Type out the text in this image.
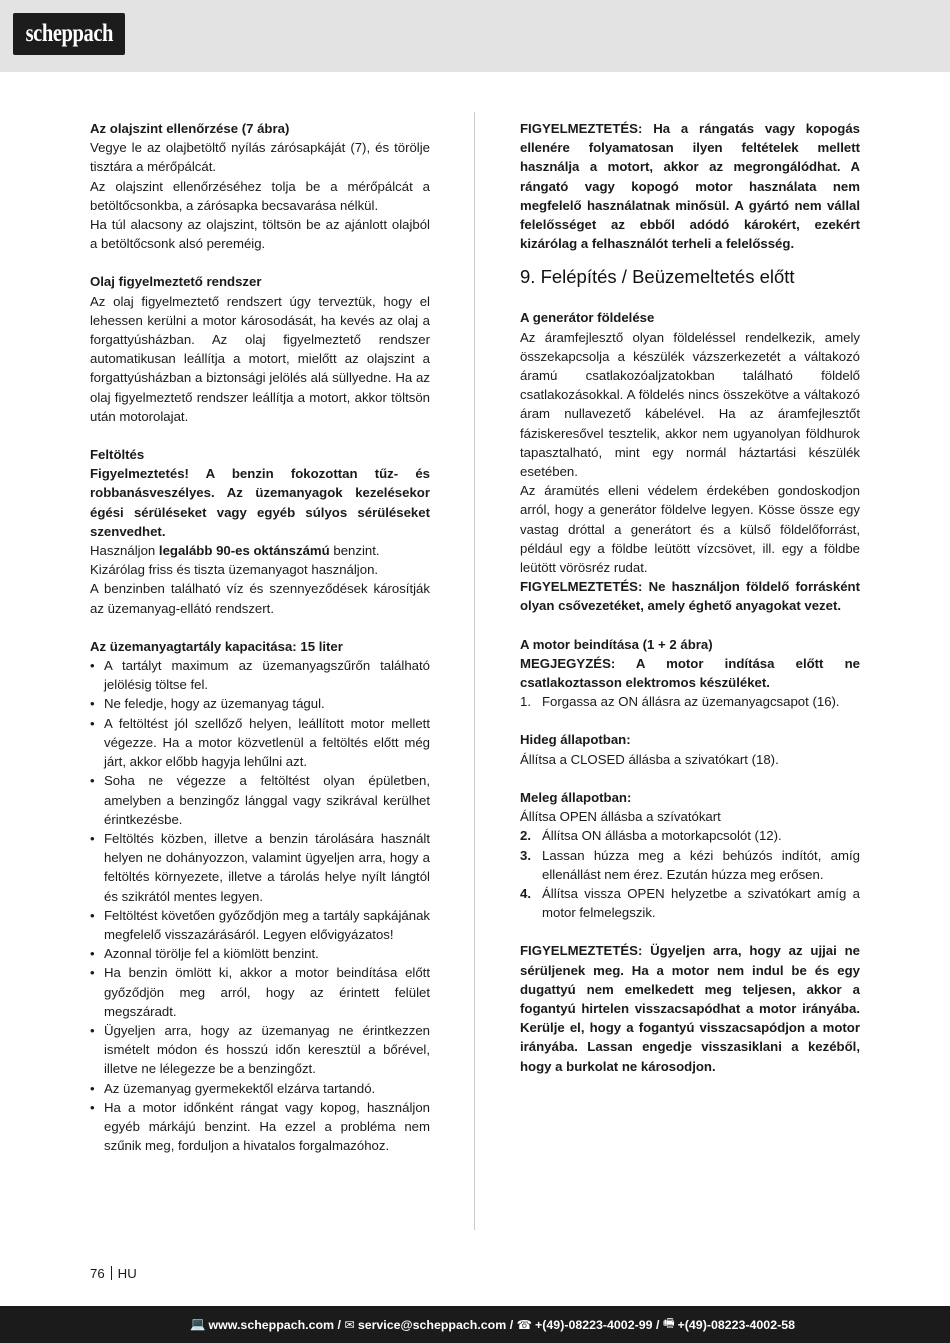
scheppach

Az olajszint ellenőrzése (7 ábra)

Vegye le az olajbetöltő nyílás zárósapkáját (7), és törölje tisztára a mérőpálcát.

Az olajszint ellenőrzéséhez tolja be a mérőpálcát a betöltőcsonkba, a zárósapka becsavarása nélkül.

Ha túl alacsony az olajszint, töltsön be az ajánlott olajból a betöltőcsonk alsó pereméig.

Olaj figyelmeztető rendszer

Az olaj figyelmeztető rendszert úgy terveztük, hogy el lehessen kerülni a motor károsodását, ha kevés az olaj a forgattyúsházban. Az olaj figyelmeztető rendszer automatikusan leállítja a motort, mielőtt az olajszint a forgattyúsházban a biztonsági jelölés alá süllyedne. Ha az olaj figyelmeztető rendszer leállítja a motort, akkor töltsön után motorolajat.

Feltöltés

Figyelmeztetés! A benzin fokozottan tűz- és robbanásveszélyes. Az üzemanyagok kezelésekor égési sérüléseket vagy egyéb súlyos sérüléseket szenvedhet.

Használjon legalább 90-es oktánszámú benzint.

Kizárólag friss és tiszta üzemanyagot használjon.

A benzinben található víz és szennyeződések károsítják az üzemanyag-ellátó rendszert.

Az üzemanyagtartály kapacitása: 15 liter

• A tartályt maximum az üzemanyagszűrőn található jelölésig töltse fel.
• Ne feledje, hogy az üzemanyag tágul.
• A feltöltést jól szellőző helyen, leállított motor mellett végezze. Ha a motor közvetlenül a feltöltés előtt még járt, akkor előbb hagyja lehűlni azt.
• Soha ne végezze a feltöltést olyan épületben, amelyben a benzingőz lánggal vagy szikrával kerülhet érintkezésbe.
• Feltöltés közben, illetve a benzin tárolására használt helyen ne dohányozzon, valamint ügyeljen arra, hogy a feltöltés környezete, illetve a tárolás helye nyílt lángtól és szikrától mentes legyen.
• Feltöltést követően győződjön meg a tartály sapkájának megfelelő visszazárásáról. Legyen elővigyázatos!
• Azonnal törölje fel a kiömlött benzint.
• Ha benzin ömlött ki, akkor a motor beindítása előtt győződjön meg arról, hogy az érintett felület megszáradt.
• Ügyeljen arra, hogy az üzemanyag ne érintkezzen ismételt módon és hosszú időn keresztül a bőrével, illetve ne lélegezze be a benzingőzt.
• Az üzemanyag gyermekektől elzárva tartandó.
• Ha a motor időnként rángat vagy kopog, használjon egyéb márkájú benzint. Ha ezzel a probléma nem szűnik meg, forduljon a hivatalos forgalmazóhoz.

FIGYELMEZTETÉS: Ha a rángatás vagy kopogás ellenére folyamatosan ilyen feltételek mellett használja a motort, akkor az megrongálódhat. A rángató vagy kopogó motor használata nem megfelelő használatnak minősül. A gyártó nem vállal felelősséget az ebből adódó károkért, ezekért kizárólag a felhasználót terheli a felelősség.

9. Felépítés / Beüzemeltetés előtt

A generátor földelése

Az áramfejlesztő olyan földeléssel rendelkezik, amely összekapcsolja a készülék vázszerkezetét a váltakozó áramú csatlakozóaljzatokban található földelő csatlakozásokkal. A földelés nincs összekötve a váltakozó áram nullavezető kábelével. Ha az áramfejlesztőt fáziskeresővel tesztelik, akkor nem ugyanolyan földhurok tapasztalható, mint egy normál háztartási készülék esetében.

Az áramütés elleni védelem érdekében gondoskodjon arról, hogy a generátor földelve legyen. Kösse össze egy vastag dróttal a generátort és a külső földelőforrást, például egy a földbe leütött vízcsövet, ill. egy a földbe leütött vörösréz rudat.

FIGYELMEZTETÉS: Ne használjon földelő forrásként olyan csővezetéket, amely éghető anyagokat vezet.

A motor beindítása (1 + 2 ábra)

MEGJEGYZÉS: A motor indítása előtt ne csatlakoztasson elektromos készüléket.

1. Forgassa az ON állásra az üzemanyagcsapot (16).

Hideg állapotban:

Állítsa a CLOSED állásba a szivatókart (18).

Meleg állapotban:

Állítsa OPEN állásba a szívatókart

2. Állítsa ON állásba a motorkapcsolót (12).
3. Lassan húzza meg a kézi behúzós indítót, amíg ellenállást nem érez. Ezután húzza meg erősen.
4. Állítsa vissza OPEN helyzetbe a szivatókart amíg a motor felmelegszik.

FIGYELMEZTETÉS: Ügyeljen arra, hogy az ujjai ne sérüljenek meg. Ha a motor nem indul be és egy dugattyú nem emelkedett meg teljesen, akkor a fogantyú hirtelen visszacsapódhat a motor irányába. Kerülje el, hogy a fogantyú visszacsapódjon a motor irányába. Lassan engedje visszasiklani a kezéből, hogy a burkolat ne károsodjon.

76 HU
💻 www.scheppach.com /
✉ service@scheppach.com /
☎ +(49)-08223-4002-99 /
🖷 +(49)-08223-4002-58
